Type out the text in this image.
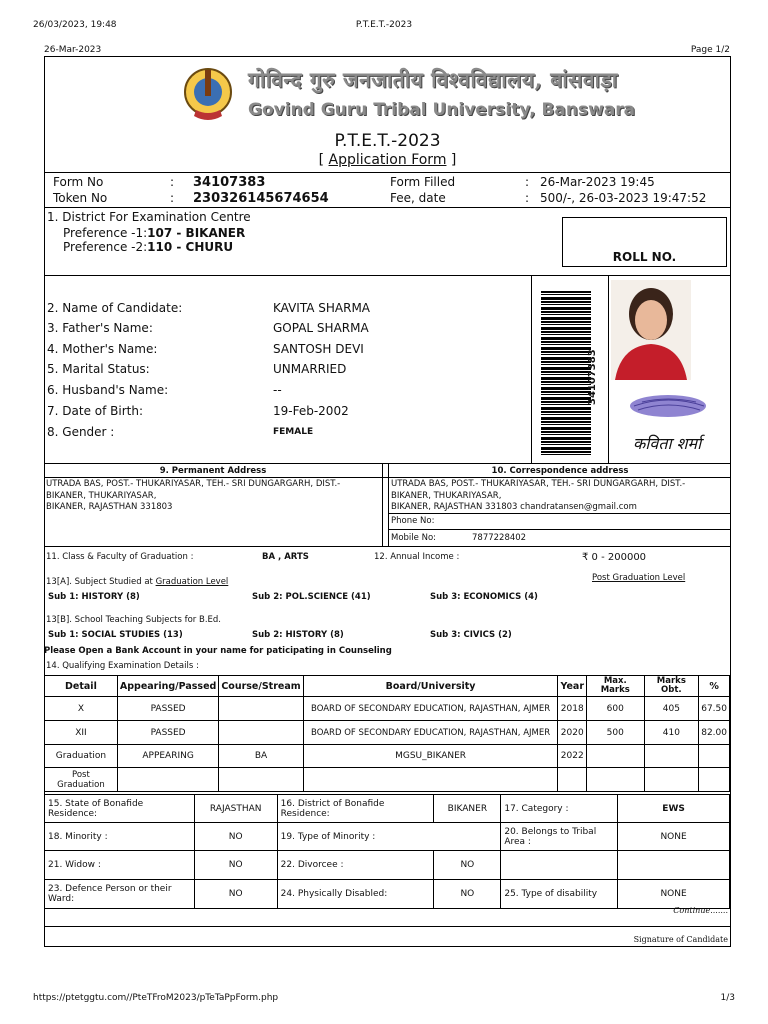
26/03/2023, 19:48	P.T.E.T.-2023
26-Mar-2023	Page 1/2
गोविन्द गुरु जनजातीय विश्वविद्यालय, बांसवाड़ा
Govind Guru Tribal University, Banswara
P.T.E.T.-2023
[ Application Form ]
Form No	: 34107383	Form Filled	: 26-Mar-2023 19:45
Token No	: 230326145674654	Fee, date	: 500/-, 26-03-2023 19:47:52
1. District For Examination Centre
Preference -1:107 - BIKANER
Preference -2:110 - CHURU
ROLL NO.
2. Name of Candidate:	KAVITA SHARMA
3. Father's Name:	GOPAL SHARMA
4. Mother's Name:	SANTOSH DEVI
5. Marital Status:	UNMARRIED
6. Husband's Name:	--
7. Date of Birth:	19-Feb-2002
8. Gender :	FEMALE
34107383
कविता शर्मा
9. Permanent Address	10. Correspondence address
UTRADA BAS, POST.- THUKARIYASAR, TEH.- SRI DUNGARGARH, DIST.-
BIKANER, THUKARIYASAR,
BIKANER, RAJASTHAN 331803
UTRADA BAS, POST.- THUKARIYASAR, TEH.- SRI DUNGARGARH, DIST.-
BIKANER, THUKARIYASAR,
BIKANER, RAJASTHAN 331803 chandratansen@gmail.com
Phone No:
Mobile No:	7877228402
11. Class & Faculty of Graduation :	BA , ARTS	12. Annual Income :	₹ 0 - 200000
13[A]. Subject Studied at Graduation Level	Post Graduation Level
Sub 1: HISTORY (8)	Sub 2: POL.SCIENCE (41)	Sub 3: ECONOMICS (4)
13[B]. School Teaching Subjects for B.Ed.
Sub 1: SOCIAL STUDIES (13)	Sub 2: HISTORY (8)	Sub 3: CIVICS (2)
Please Open a Bank Account in your name for paticipating in Counseling
14. Qualifying Examination Details :
Detail	Appearing/Passed	Course/Stream	Board/University	Year	Max. Marks	Marks Obt.	%
X	PASSED		BOARD OF SECONDARY EDUCATION, RAJASTHAN, AJMER	2018	600	405	67.50
XII	PASSED		BOARD OF SECONDARY EDUCATION, RAJASTHAN, AJMER	2020	500	410	82.00
Graduation	APPEARING	BA	MGSU_BIKANER	2022			
Post Graduation							
15. State of Bonafide Residence:	RAJASTHAN	16. District of Bonafide Residence:	BIKANER	17. Category :	EWS
18. Minority :	NO	19. Type of Minority :		20. Belongs to Tribal Area :	NONE
21. Widow :	NO	22. Divorcee :	NO		
23. Defence Person or their Ward:	NO	24. Physically Disabled:	NO	25. Type of disability	NONE
Continue.......
Signature of Candidate
https://ptetggtu.com//PteTFroM2023/pTeTaPpForm.php	1/3
